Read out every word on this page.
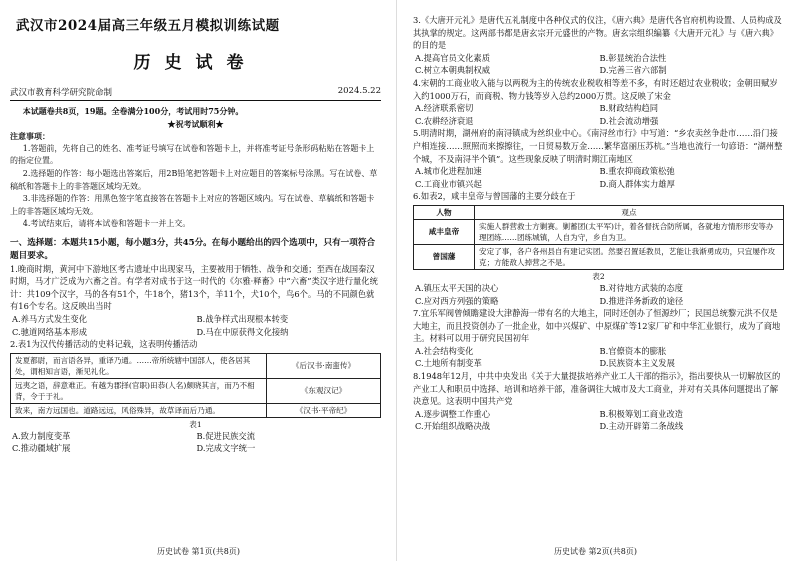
武汉市2024届高三年级五月模拟训练试题
历史试卷
武汉市教育科学研究院命制	2024.5.22

本试题卷共8页，19题。全卷满分100分，考试用时75分钟。

★祝考试顺利★

注意事项：

1.答题前，先将自己的姓名、准考证号填写在试卷和答题卡上，并将准考证号条形码粘贴在答题卡上的指定位置。

2.选择题的作答：每小题选出答案后，用2B铅笔把答题卡上对应题目的答案标号涂黑。写在试卷、草稿纸和答题卡上的非答题区域均无效。

3.非选择题的作答：用黑色签字笔直接答在答题卡上对应的答题区域内。写在试卷、草稿纸和答题卡上的非答题区域均无效。

4.考试结束后，请将本试卷和答题卡一并上交。

一、选择题：本题共15小题，每小题3分，共45分。在每小题给出的四个选项中，只有一项符合题目要求。

1.晚商时期，黄河中下游地区考古遗址中出现家马，主要被用于牺牲、战争和交通；至西在战国秦汉时期，马才广泛成为六畜之首。有学者对成书于这一时代的《尔雅·释畜》中“六畜”类汉字进行量化统计：共109个汉字，马的各有51个，牛18个，猪13个，羊11个，犬10个，鸟6个。马的不同颜色就有16个专名。这反映出当时

A.养马方式发生变化	B.战争样式出现根本转变
C.驰道网络基本形成	D.马在中原获得文化接纳

2.表1为汉代传播活动的史料记载，这表明传播活动

发夏都尉，而言语各异，重译乃通。……帝所统辖中国部人，使各居其处，谓相知言语，渐见礼化。	《后汉书·南蛮传》
远夷之语，辞意难正。有越为郡择(官职)田恭(人名)颇晓其言，而乃不相背，令于于礼。	《东观汉记》
致来，南方远国也。道路远远，风俗殊异，故草译而后乃通。	《汉书·平帝纪》
表1
A.致力制度变革	B.促进民族交流
C.推动疆域扩展	D.完成文字统一
历史试卷 第1页(共8页)

3.《大唐开元礼》是唐代五礼制度中各种仪式的仪注，《唐六典》是唐代各官府机构设置、人员构成及其执掌的规定。这两部书都是唐玄宗开元盛世的产物。唐玄宗组织编纂《大唐开元礼》与《唐六典》的目的是

A.提高官员文化素质	B.彰显统治合法性
C.树立本朝典制权威	D.完善三省六部制

4.宋朝的工商业收入能与以两税为主的传统农业税收相等差不多，有时还超过农业税收；金朝田赋岁入约1000万石，而商税、物力钱等岁入总约2000万贯。这反映了宋金

A.经济联系密切	B.财政结构趋同
C.农耕经济衰退	D.社会流动增强

5.明清时期，湖州府的南浔镇成为丝织业中心。《南浔丝市行》中写道：“乡农卖丝争赴市……沿门接户相连接……照照而来擦擦往，一日贸易数万金……繁华富丽压苏杭。”当地也流行一句谚语：“湖州整个城，不及南浔半个镇”。这些现象反映了明清时期江南地区

A.城市化进程加速	B.重农抑商政策松弛
C.工商业市镇兴起	D.商人群体实力雄厚

6.如表2，咸丰皇帝与曾国藩的主要分歧在于

人物	观点
咸丰皇帝	实施人群营救士方剿赛。剿蓄团(太平军)计，着各督抚合防所属，各就地方情形形安等办理团练……团练城镇，人自为守，乡自为卫。
曾国藩	安定了事，各户各州县自有建记实团。然要召置延教员，艺能让我渐勇成功，只宜屡作攻克；方能敌人掉营之不是。
表2
A.镇压太平天国的决心	B.对待地方武装的态度
C.应对西方列强的策略	D.推进洋务新政的途径

7.宜乐军阀曾倾瞻建设大津静海一带有名的大地主，同时还创办了恒源纱厂；民国总统黎元洪不仅是大地主，而且投资创办了一批企业，如中兴煤矿、中原煤矿等12家厂矿和中华汇业银行，成为了商地主。材料可以用于研究民国初年

A.社会结构变化	B.官僚资本的膨胀
C.土地所有制变革	D.民族资本主义发展

8.1948年12月，中共中央发出《关于大量提拔培养产业工人干部的指示》，指出要快从一切解放区的产业工人和职员中选择、培训和培养干部，准备调往大城市及大工商业，并对有关具体问题提出了解决意见。这表明中国共产党

A.逐步调整工作重心	B.积极筹划工商业改造
C.开始组织战略决战	D.主动开辟第二条战线
历史试卷 第2页(共8页)
